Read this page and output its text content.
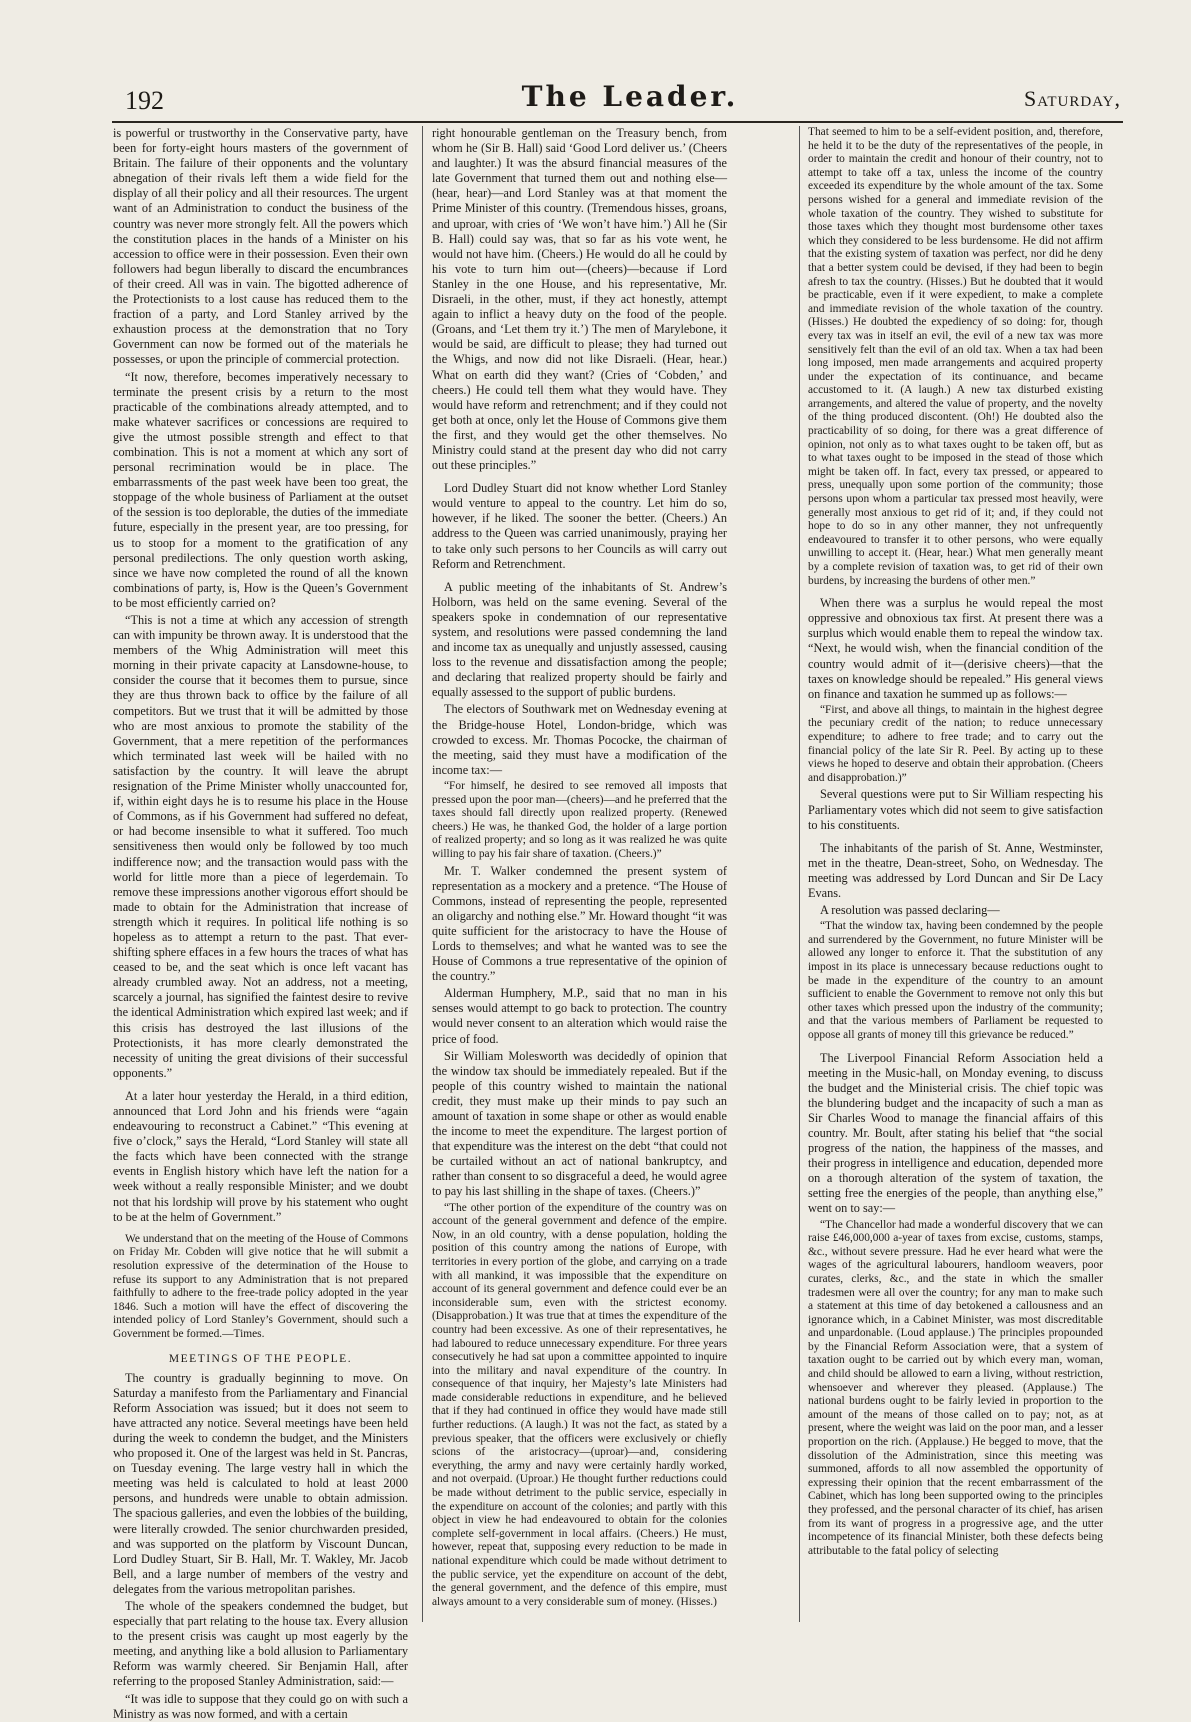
192	The Leader.	Saturday,

is powerful or trustworthy in the Conservative party, have been for forty-eight hours masters of the government of Britain. The failure of their opponents and the voluntary abnegation of their rivals left them a wide field for the display of all their policy and all their resources. The urgent want of an Administration to conduct the business of the country was never more strongly felt. All the powers which the constitution places in the hands of a Minister on his accession to office were in their possession. Even their own followers had begun liberally to discard the encumbrances of their creed. All was in vain. The bigotted adherence of the Protectionists to a lost cause has reduced them to the fraction of a party, and Lord Stanley arrived by the exhaustion process at the demonstration that no Tory Government can now be formed out of the materials he possesses, or upon the principle of commercial protection.

“It now, therefore, becomes imperatively necessary to terminate the present crisis by a return to the most practicable of the combinations already attempted, and to make whatever sacrifices or concessions are required to give the utmost possible strength and effect to that combination. This is not a moment at which any sort of personal recrimination would be in place. The embarrassments of the past week have been too great, the stoppage of the whole business of Parliament at the outset of the session is too deplorable, the duties of the immediate future, especially in the present year, are too pressing, for us to stoop for a moment to the gratification of any personal predilections. The only question worth asking, since we have now completed the round of all the known combinations of party, is, How is the Queen’s Government to be most efficiently carried on?

“This is not a time at which any accession of strength can with impunity be thrown away. It is understood that the members of the Whig Administration will meet this morning in their private capacity at Lansdowne-house, to consider the course that it becomes them to pursue, since they are thus thrown back to office by the failure of all competitors. But we trust that it will be admitted by those who are most anxious to promote the stability of the Government, that a mere repetition of the performances which terminated last week will be hailed with no satisfaction by the country. It will leave the abrupt resignation of the Prime Minister wholly unaccounted for, if, within eight days he is to resume his place in the House of Commons, as if his Government had suffered no defeat, or had become insensible to what it suffered. Too much sensitiveness then would only be followed by too much indifference now; and the transaction would pass with the world for little more than a piece of legerdemain. To remove these impressions another vigorous effort should be made to obtain for the Administration that increase of strength which it requires. In political life nothing is so hopeless as to attempt a return to the past. That ever-shifting sphere effaces in a few hours the traces of what has ceased to be, and the seat which is once left vacant has already crumbled away. Not an address, not a meeting, scarcely a journal, has signified the faintest desire to revive the identical Administration which expired last week; and if this crisis has destroyed the last illusions of the Protectionists, it has more clearly demonstrated the necessity of uniting the great divisions of their successful opponents.”

At a later hour yesterday the Herald, in a third edition, announced that Lord John and his friends were “again endeavouring to reconstruct a Cabinet.” “This evening at five o’clock,” says the Herald, “Lord Stanley will state all the facts which have been connected with the strange events in English history which have left the nation for a week without a really responsible Minister; and we doubt not that his lordship will prove by his statement who ought to be at the helm of Government.”

We understand that on the meeting of the House of Commons on Friday Mr. Cobden will give notice that he will submit a resolution expressive of the determination of the House to refuse its support to any Administration that is not prepared faithfully to adhere to the free-trade policy adopted in the year 1846. Such a motion will have the effect of discovering the intended policy of Lord Stanley’s Government, should such a Government be formed.—Times.

MEETINGS OF THE PEOPLE.

The country is gradually beginning to move. On Saturday a manifesto from the Parliamentary and Financial Reform Association was issued; but it does not seem to have attracted any notice. Several meetings have been held during the week to condemn the budget, and the Ministers who proposed it. One of the largest was held in St. Pancras, on Tuesday evening. The large vestry hall in which the meeting was held is calculated to hold at least 2000 persons, and hundreds were unable to obtain admission. The spacious galleries, and even the lobbies of the building, were literally crowded. The senior churchwarden presided, and was supported on the platform by Viscount Duncan, Lord Dudley Stuart, Sir B. Hall, Mr. T. Wakley, Mr. Jacob Bell, and a large number of members of the vestry and delegates from the various metropolitan parishes.

The whole of the speakers condemned the budget, but especially that part relating to the house tax. Every allusion to the present crisis was caught up most eagerly by the meeting, and anything like a bold allusion to Parliamentary Reform was warmly cheered. Sir Benjamin Hall, after referring to the proposed Stanley Administration, said:—

“It was idle to suppose that they could go on with such a Ministry as was now formed, and with a certain

right honourable gentleman on the Treasury bench, from whom he (Sir B. Hall) said ‘Good Lord deliver us.’ (Cheers and laughter.) It was the absurd financial measures of the late Government that turned them out and nothing else—(hear, hear)—and Lord Stanley was at that moment the Prime Minister of this country. (Tremendous hisses, groans, and uproar, with cries of ‘We won’t have him.’) All he (Sir B. Hall) could say was, that so far as his vote went, he would not have him. (Cheers.) He would do all he could by his vote to turn him out—(cheers)—because if Lord Stanley in the one House, and his representative, Mr. Disraeli, in the other, must, if they act honestly, attempt again to inflict a heavy duty on the food of the people. (Groans, and ‘Let them try it.’) The men of Marylebone, it would be said, are difficult to please; they had turned out the Whigs, and now did not like Disraeli. (Hear, hear.) What on earth did they want? (Cries of ‘Cobden,’ and cheers.) He could tell them what they would have. They would have reform and retrenchment; and if they could not get both at once, only let the House of Commons give them the first, and they would get the other themselves. No Ministry could stand at the present day who did not carry out these principles.”

Lord Dudley Stuart did not know whether Lord Stanley would venture to appeal to the country. Let him do so, however, if he liked. The sooner the better. (Cheers.) An address to the Queen was carried unanimously, praying her to take only such persons to her Councils as will carry out Reform and Retrenchment.

A public meeting of the inhabitants of St. Andrew’s Holborn, was held on the same evening. Several of the speakers spoke in condemnation of our representative system, and resolutions were passed condemning the land and income tax as unequally and unjustly assessed, causing loss to the revenue and dissatisfaction among the people; and declaring that realized property should be fairly and equally assessed to the support of public burdens.

The electors of Southwark met on Wednesday evening at the Bridge-house Hotel, London-bridge, which was crowded to excess. Mr. Thomas Pococke, the chairman of the meeting, said they must have a modification of the income tax:—

“For himself, he desired to see removed all imposts that pressed upon the poor man—(cheers)—and he preferred that the taxes should fall directly upon realized property. (Renewed cheers.) He was, he thanked God, the holder of a large portion of realized property; and so long as it was realized he was quite willing to pay his fair share of taxation. (Cheers.)”

Mr. T. Walker condemned the present system of representation as a mockery and a pretence. “The House of Commons, instead of representing the people, represented an oligarchy and nothing else.” Mr. Howard thought “it was quite sufficient for the aristocracy to have the House of Lords to themselves; and what he wanted was to see the House of Commons a true representative of the opinion of the country.”

Alderman Humphery, M.P., said that no man in his senses would attempt to go back to protection. The country would never consent to an alteration which would raise the price of food.

Sir William Molesworth was decidedly of opinion that the window tax should be immediately repealed. But if the people of this country wished to maintain the national credit, they must make up their minds to pay such an amount of taxation in some shape or other as would enable the income to meet the expenditure. The largest portion of that expenditure was the interest on the debt “that could not be curtailed without an act of national bankruptcy, and rather than consent to so disgraceful a deed, he would agree to pay his last shilling in the shape of taxes. (Cheers.)”

“The other portion of the expenditure of the country was on account of the general government and defence of the empire. Now, in an old country, with a dense population, holding the position of this country among the nations of Europe, with territories in every portion of the globe, and carrying on a trade with all mankind, it was impossible that the expenditure on account of its general government and defence could ever be an inconsiderable sum, even with the strictest economy. (Disapprobation.) It was true that at times the expenditure of the country had been excessive. As one of their representatives, he had laboured to reduce unnecessary expenditure. For three years consecutively he had sat upon a committee appointed to inquire into the military and naval expenditure of the country. In consequence of that inquiry, her Majesty’s late Ministers had made considerable reductions in expenditure, and he believed that if they had continued in office they would have made still further reductions. (A laugh.) It was not the fact, as stated by a previous speaker, that the officers were exclusively or chiefly scions of the aristocracy—(uproar)—and, considering everything, the army and navy were certainly hardly worked, and not overpaid. (Uproar.) He thought further reductions could be made without detriment to the public service, especially in the expenditure on account of the colonies; and partly with this object in view he had endeavoured to obtain for the colonies complete self-government in local affairs. (Cheers.) He must, however, repeat that, supposing every reduction to be made in national expenditure which could be made without detriment to the public service, yet the expenditure on account of the debt, the general government, and the defence of this empire, must always amount to a very considerable sum of money. (Hisses.)

That seemed to him to be a self-evident position, and, therefore, he held it to be the duty of the representatives of the people, in order to maintain the credit and honour of their country, not to attempt to take off a tax, unless the income of the country exceeded its expenditure by the whole amount of the tax. Some persons wished for a general and immediate revision of the whole taxation of the country. They wished to substitute for those taxes which they thought most burdensome other taxes which they considered to be less burdensome. He did not affirm that the existing system of taxation was perfect, nor did he deny that a better system could be devised, if they had been to begin afresh to tax the country. (Hisses.) But he doubted that it would be practicable, even if it were expedient, to make a complete and immediate revision of the whole taxation of the country. (Hisses.) He doubted the expediency of so doing: for, though every tax was in itself an evil, the evil of a new tax was more sensitively felt than the evil of an old tax. When a tax had been long imposed, men made arrangements and acquired property under the expectation of its continuance, and became accustomed to it. (A laugh.) A new tax disturbed existing arrangements, and altered the value of property, and the novelty of the thing produced discontent. (Oh!) He doubted also the practicability of so doing, for there was a great difference of opinion, not only as to what taxes ought to be taken off, but as to what taxes ought to be imposed in the stead of those which might be taken off. In fact, every tax pressed, or appeared to press, unequally upon some portion of the community; those persons upon whom a particular tax pressed most heavily, were generally most anxious to get rid of it; and, if they could not hope to do so in any other manner, they not unfrequently endeavoured to transfer it to other persons, who were equally unwilling to accept it. (Hear, hear.) What men generally meant by a complete revision of taxation was, to get rid of their own burdens, by increasing the burdens of other men.”

When there was a surplus he would repeal the most oppressive and obnoxious tax first. At present there was a surplus which would enable them to repeal the window tax. “Next, he would wish, when the financial condition of the country would admit of it—(derisive cheers)—that the taxes on knowledge should be repealed.” His general views on finance and taxation he summed up as follows:—

“First, and above all things, to maintain in the highest degree the pecuniary credit of the nation; to reduce unnecessary expenditure; to adhere to free trade; and to carry out the financial policy of the late Sir R. Peel. By acting up to these views he hoped to deserve and obtain their approbation. (Cheers and disapprobation.)”

Several questions were put to Sir William respecting his Parliamentary votes which did not seem to give satisfaction to his constituents.

The inhabitants of the parish of St. Anne, Westminster, met in the theatre, Dean-street, Soho, on Wednesday. The meeting was addressed by Lord Duncan and Sir De Lacy Evans.

A resolution was passed declaring—

“That the window tax, having been condemned by the people and surrendered by the Government, no future Minister will be allowed any longer to enforce it. That the substitution of any impost in its place is unnecessary because reductions ought to be made in the expenditure of the country to an amount sufficient to enable the Government to remove not only this but other taxes which pressed upon the industry of the community; and that the various members of Parliament be requested to oppose all grants of money till this grievance be reduced.”

The Liverpool Financial Reform Association held a meeting in the Music-hall, on Monday evening, to discuss the budget and the Ministerial crisis. The chief topic was the blundering budget and the incapacity of such a man as Sir Charles Wood to manage the financial affairs of this country. Mr. Boult, after stating his belief that “the social progress of the nation, the happiness of the masses, and their progress in intelligence and education, depended more on a thorough alteration of the system of taxation, the setting free the energies of the people, than anything else,” went on to say:—

“The Chancellor had made a wonderful discovery that we can raise £46,000,000 a-year of taxes from excise, customs, stamps, &c., without severe pressure. Had he ever heard what were the wages of the agricultural labourers, handloom weavers, poor curates, clerks, &c., and the state in which the smaller tradesmen were all over the country; for any man to make such a statement at this time of day betokened a callousness and an ignorance which, in a Cabinet Minister, was most discreditable and unpardonable. (Loud applause.) The principles propounded by the Financial Reform Association were, that a system of taxation ought to be carried out by which every man, woman, and child should be allowed to earn a living, without restriction, whensoever and wherever they pleased. (Applause.) The national burdens ought to be fairly levied in proportion to the amount of the means of those called on to pay; not, as at present, where the weight was laid on the poor man, and a lesser proportion on the rich. (Applause.) He begged to move, that the dissolution of the Administration, since this meeting was summoned, affords to all now assembled the opportunity of expressing their opinion that the recent embarrassment of the Cabinet, which has long been supported owing to the principles they professed, and the personal character of its chief, has arisen from its want of progress in a progressive age, and the utter incompetence of its financial Minister, both these defects being attributable to the fatal policy of selecting
